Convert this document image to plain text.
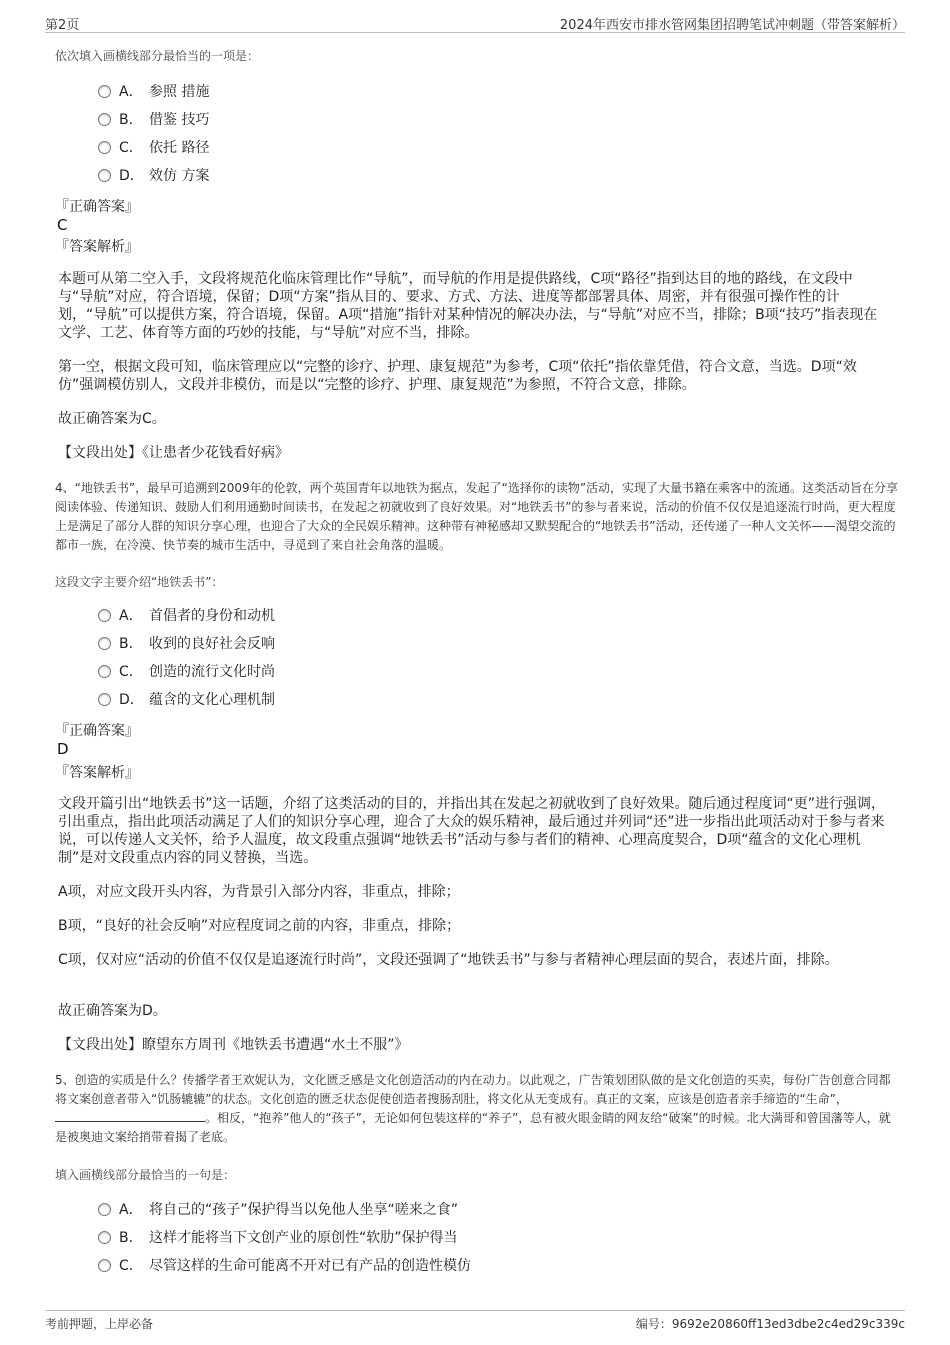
第2页	2024年西安市排水管网集团招聘笔试冲刺题（带答案解析）
依次填入画横线部分最恰当的一项是：
A． 参照 措施
B． 借鉴 技巧
C． 依托 路径
D． 效仿 方案
『正确答案』
C
『答案解析』
本题可从第二空入手，文段将规范化临床管理比作“导航”，而导航的作用是提供路线，C项“路径”指到达目的地的路线，在文段中与“导航”对应，符合语境，保留；D项“方案”指从目的、要求、方式、方法、进度等都部署具体、周密，并有很强可操作性的计划，“导航”可以提供方案，符合语境，保留。A项“措施”指针对某种情况的解决办法，与“导航”对应不当，排除；B项“技巧”指表现在文学、工艺、体育等方面的巧妙的技能，与“导航”对应不当，排除。
第一空，根据文段可知，临床管理应以“完整的诊疗、护理、康复规范”为参考，C项“依托”指依靠凭借，符合文意，当选。D项“效仿”强调模仿别人，文段并非模仿，而是以“完整的诊疗、护理、康复规范”为参照，不符合文意，排除。
故正确答案为C。
【文段出处】《让患者少花钱看好病》
4、“地铁丢书”，最早可追溯到2009年的伦敦，两个英国青年以地铁为据点，发起了“选择你的读物”活动，实现了大量书籍在乘客中的流通。这类活动旨在分享阅读体验、传递知识、鼓励人们利用通勤时间读书，在发起之初就收到了良好效果。对“地铁丢书”的参与者来说，活动的价值不仅仅是追逐流行时尚，更大程度上是满足了部分人群的知识分享心理，也迎合了大众的全民娱乐精神。这种带有神秘感却又默契配合的“地铁丢书”活动，还传递了一种人文关怀——渴望交流的都市一族，在冷漠、快节奏的城市生活中，寻觅到了来自社会角落的温暖。
这段文字主要介绍“地铁丢书”：
A． 首倡者的身份和动机
B． 收到的良好社会反响
C． 创造的流行文化时尚
D． 蕴含的文化心理机制
『正确答案』
D
『答案解析』
文段开篇引出“地铁丢书”这一话题，介绍了这类活动的目的，并指出其在发起之初就收到了良好效果。随后通过程度词“更”进行强调，引出重点，指出此项活动满足了人们的知识分享心理，迎合了大众的娱乐精神，最后通过并列词“还”进一步指出此项活动对于参与者来说，可以传递人文关怀，给予人温度，故文段重点强调“地铁丢书”活动与参与者们的精神、心理高度契合，D项“蕴含的文化心理机制”是对文段重点内容的同义替换，当选。
A项，对应文段开头内容，为背景引入部分内容，非重点，排除；
B项，“良好的社会反响”对应程度词之前的内容，非重点，排除；
C项，仅对应“活动的价值不仅仅是追逐流行时尚”，文段还强调了“地铁丢书”与参与者精神心理层面的契合，表述片面，排除。
故正确答案为D。
【文段出处】瞭望东方周刊《地铁丢书遭遇“水土不服”》
5、创造的实质是什么？传播学者王欢妮认为，文化匮乏感是文化创造活动的内在动力。以此观之，广告策划团队做的是文化创造的买卖，每份广告创意合同都将文案创意者带入“饥肠辘辘”的状态。文化创造的匮乏状态促使创造者搜肠刮肚，将文化从无变成有。真正的文案，应该是创造者亲手缔造的“生命”，。相反，“抱养”他人的“孩子”，无论如何包装这样的“养子”，总有被火眼金睛的网友给“破案”的时候。北大满哥和曾国藩等人，就是被奥迪文案给捎带着揭了老底。
填入画横线部分最恰当的一句是：
A． 将自己的“孩子”保护得当以免他人坐享“嗟来之食”
B． 这样才能将当下文创产业的原创性“软肋”保护得当
C． 尽管这样的生命可能离不开对已有产品的创造性模仿
考前押题，上岸必备	编号：9692e20860ff13ed3dbe2c4ed29c339c
